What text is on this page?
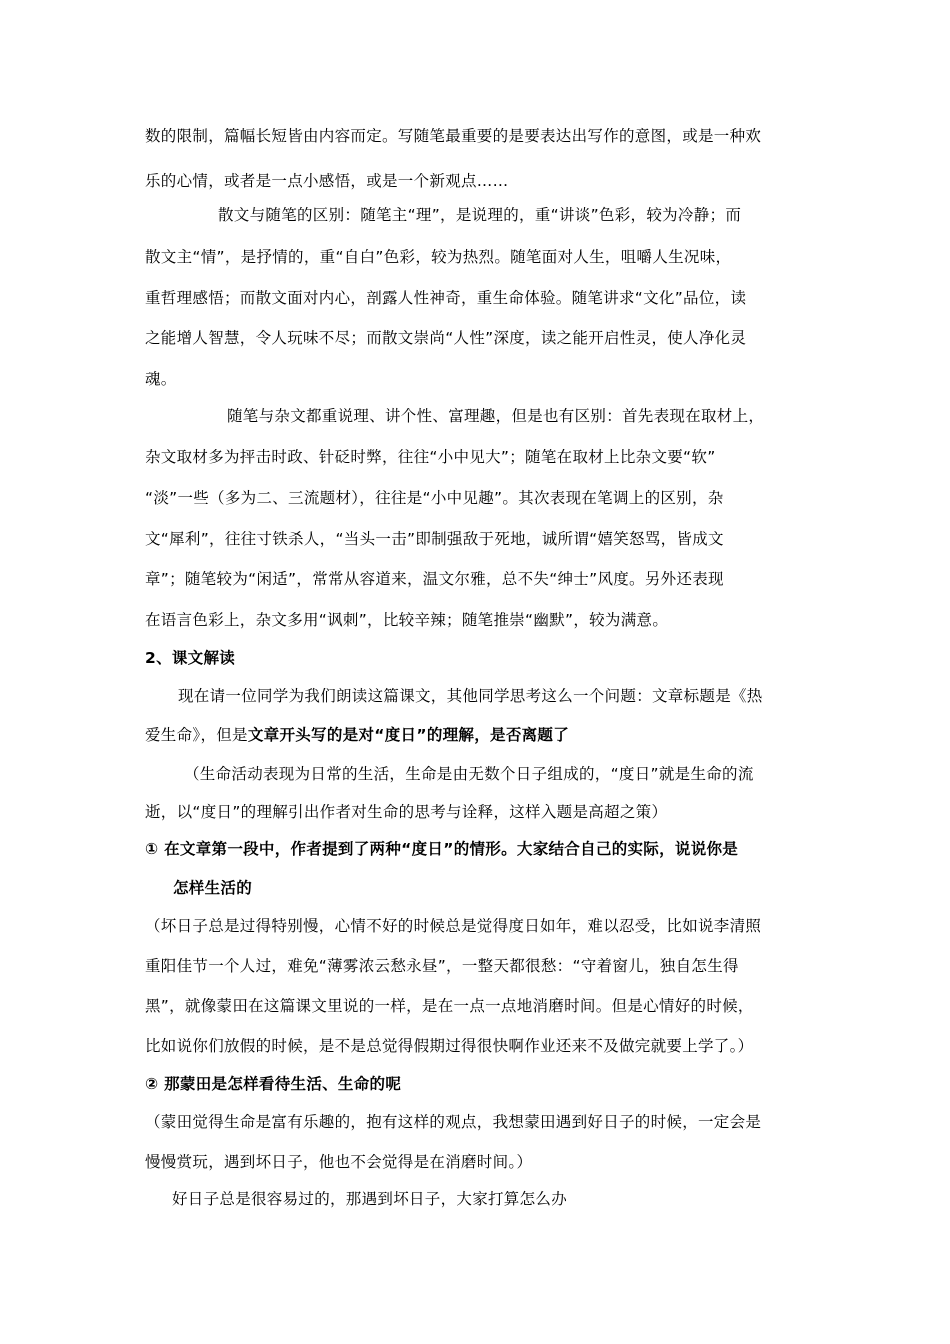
数的限制，篇幅长短皆由内容而定。写随笔最重要的是要表达出写作的意图，或是一种欢
乐的心情，或者是一点小感悟，或是一个新观点……
散文与随笔的区别：随笔主“理”，是说理的，重“讲谈”色彩，较为冷静；而
散文主“情”，是抒情的，重“自白”色彩，较为热烈。随笔面对人生，咀嚼人生况味，
重哲理感悟；而散文面对内心，剖露人性神奇，重生命体验。随笔讲求“文化”品位，读
之能增人智慧，令人玩味不尽；而散文崇尚“人性”深度，读之能开启性灵，使人净化灵
魂。
随笔与杂文都重说理、讲个性、富理趣，但是也有区别：首先表现在取材上，
杂文取材多为抨击时政、针砭时弊，往往“小中见大”；随笔在取材上比杂文要“软”
“淡”一些（多为二、三流题材），往往是“小中见趣”。其次表现在笔调上的区别，杂
文“犀利”，往往寸铁杀人，“当头一击”即制强敌于死地，诚所谓“嬉笑怒骂，皆成文
章”；随笔较为“闲适”，常常从容道来，温文尔雅，总不失“绅士”风度。另外还表现
在语言色彩上，杂文多用“讽刺”，比较辛辣；随笔推崇“幽默”，较为满意。
2、课文解读
现在请一位同学为我们朗读这篇课文，其他同学思考这么一个问题：文章标题是《热
爱生命》，但是文章开头写的是对“度日”的理解，是否离题了
（生命活动表现为日常的生活，生命是由无数个日子组成的，“度日”就是生命的流
逝，以“度日”的理解引出作者对生命的思考与诠释，这样入题是高超之策）
① 在文章第一段中，作者提到了两种“度日”的情形。大家结合自己的实际，说说你是
怎样生活的
（坏日子总是过得特别慢，心情不好的时候总是觉得度日如年，难以忍受，比如说李清照
重阳佳节一个人过，难免“薄雾浓云愁永昼”，一整天都很愁：“守着窗儿，独自怎生得
黑”，就像蒙田在这篇课文里说的一样，是在一点一点地消磨时间。但是心情好的时候，
比如说你们放假的时候，是不是总觉得假期过得很快啊作业还来不及做完就要上学了。）
② 那蒙田是怎样看待生活、生命的呢
（蒙田觉得生命是富有乐趣的，抱有这样的观点，我想蒙田遇到好日子的时候，一定会是
慢慢赏玩，遇到坏日子，他也不会觉得是在消磨时间。）
好日子总是很容易过的，那遇到坏日子，大家打算怎么办
